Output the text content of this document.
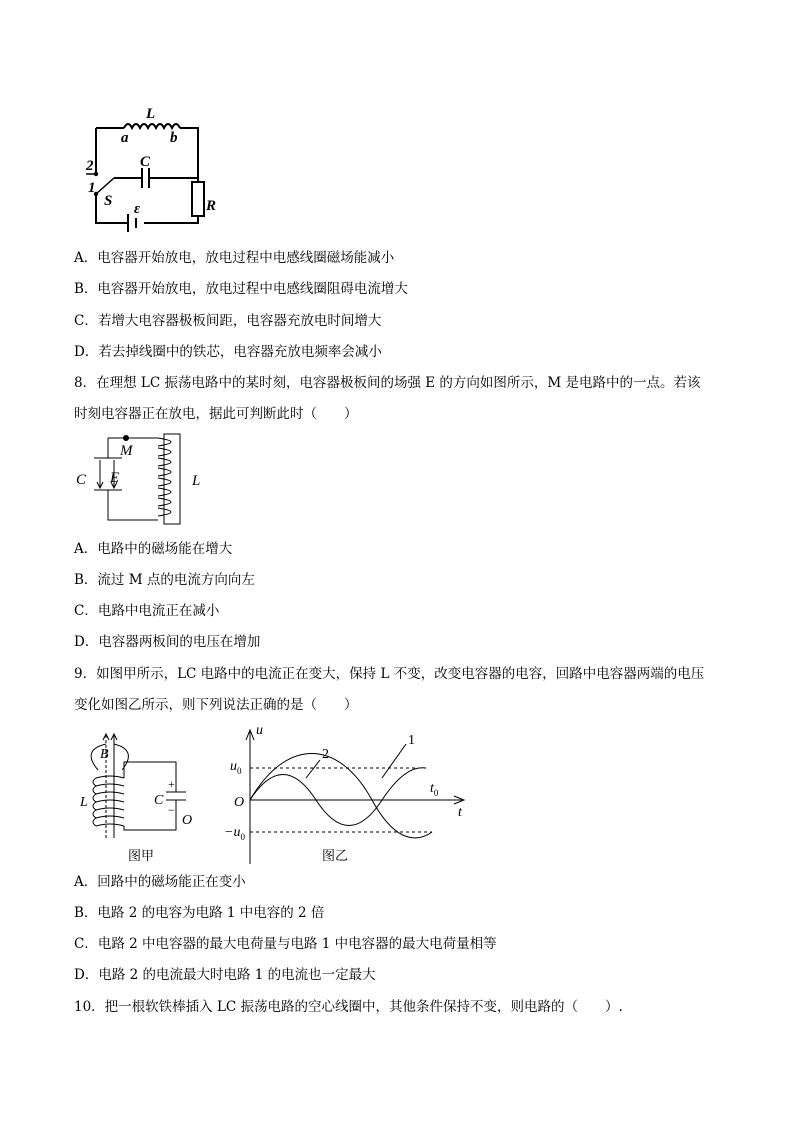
L
a	b
2
1
C
S ε	R
A．电容器开始放电，放电过程中电感线圈磁场能减小
B．电容器开始放电，放电过程中电感线圈阻碍电流增大
C．若增大电容器极板间距，电容器充放电时间增大
D．若去掉线圈中的铁芯，电容器充放电频率会减小
8．在理想 LC 振荡电路中的某时刻，电容器极板间的场强 E 的方向如图所示，M 是电路中的一点。若该
时刻电容器正在放电，据此可判断此时（　　）
M
C E	L
A．电路中的磁场能在增大
B．流过 M 点的电流方向向左
C．电路中电流正在减小
D．电容器两板间的电压在增加
9．如图甲所示，LC 电路中的电流正在变大，保持 L 不变，改变电容器的电容，回路中电容器两端的电压
变化如图乙所示，则下列说法正确的是（　　）
B
L	C
O
+
−
图甲
u
t
$t_0$
$u_0$
$-u_0$
O
2
1
图乙
A．回路中的磁场能正在变小
B．电路 2 的电容为电路 1 中电容的 2 倍
C．电路 2 中电容器的最大电荷量与电路 1 中电容器的最大电荷量相等
D．电路 2 的电流最大时电路 1 的电流也一定最大
10．把一根软铁棒插入 LC 振荡电路的空心线圈中，其他条件保持不变，则电路的（　　）.
